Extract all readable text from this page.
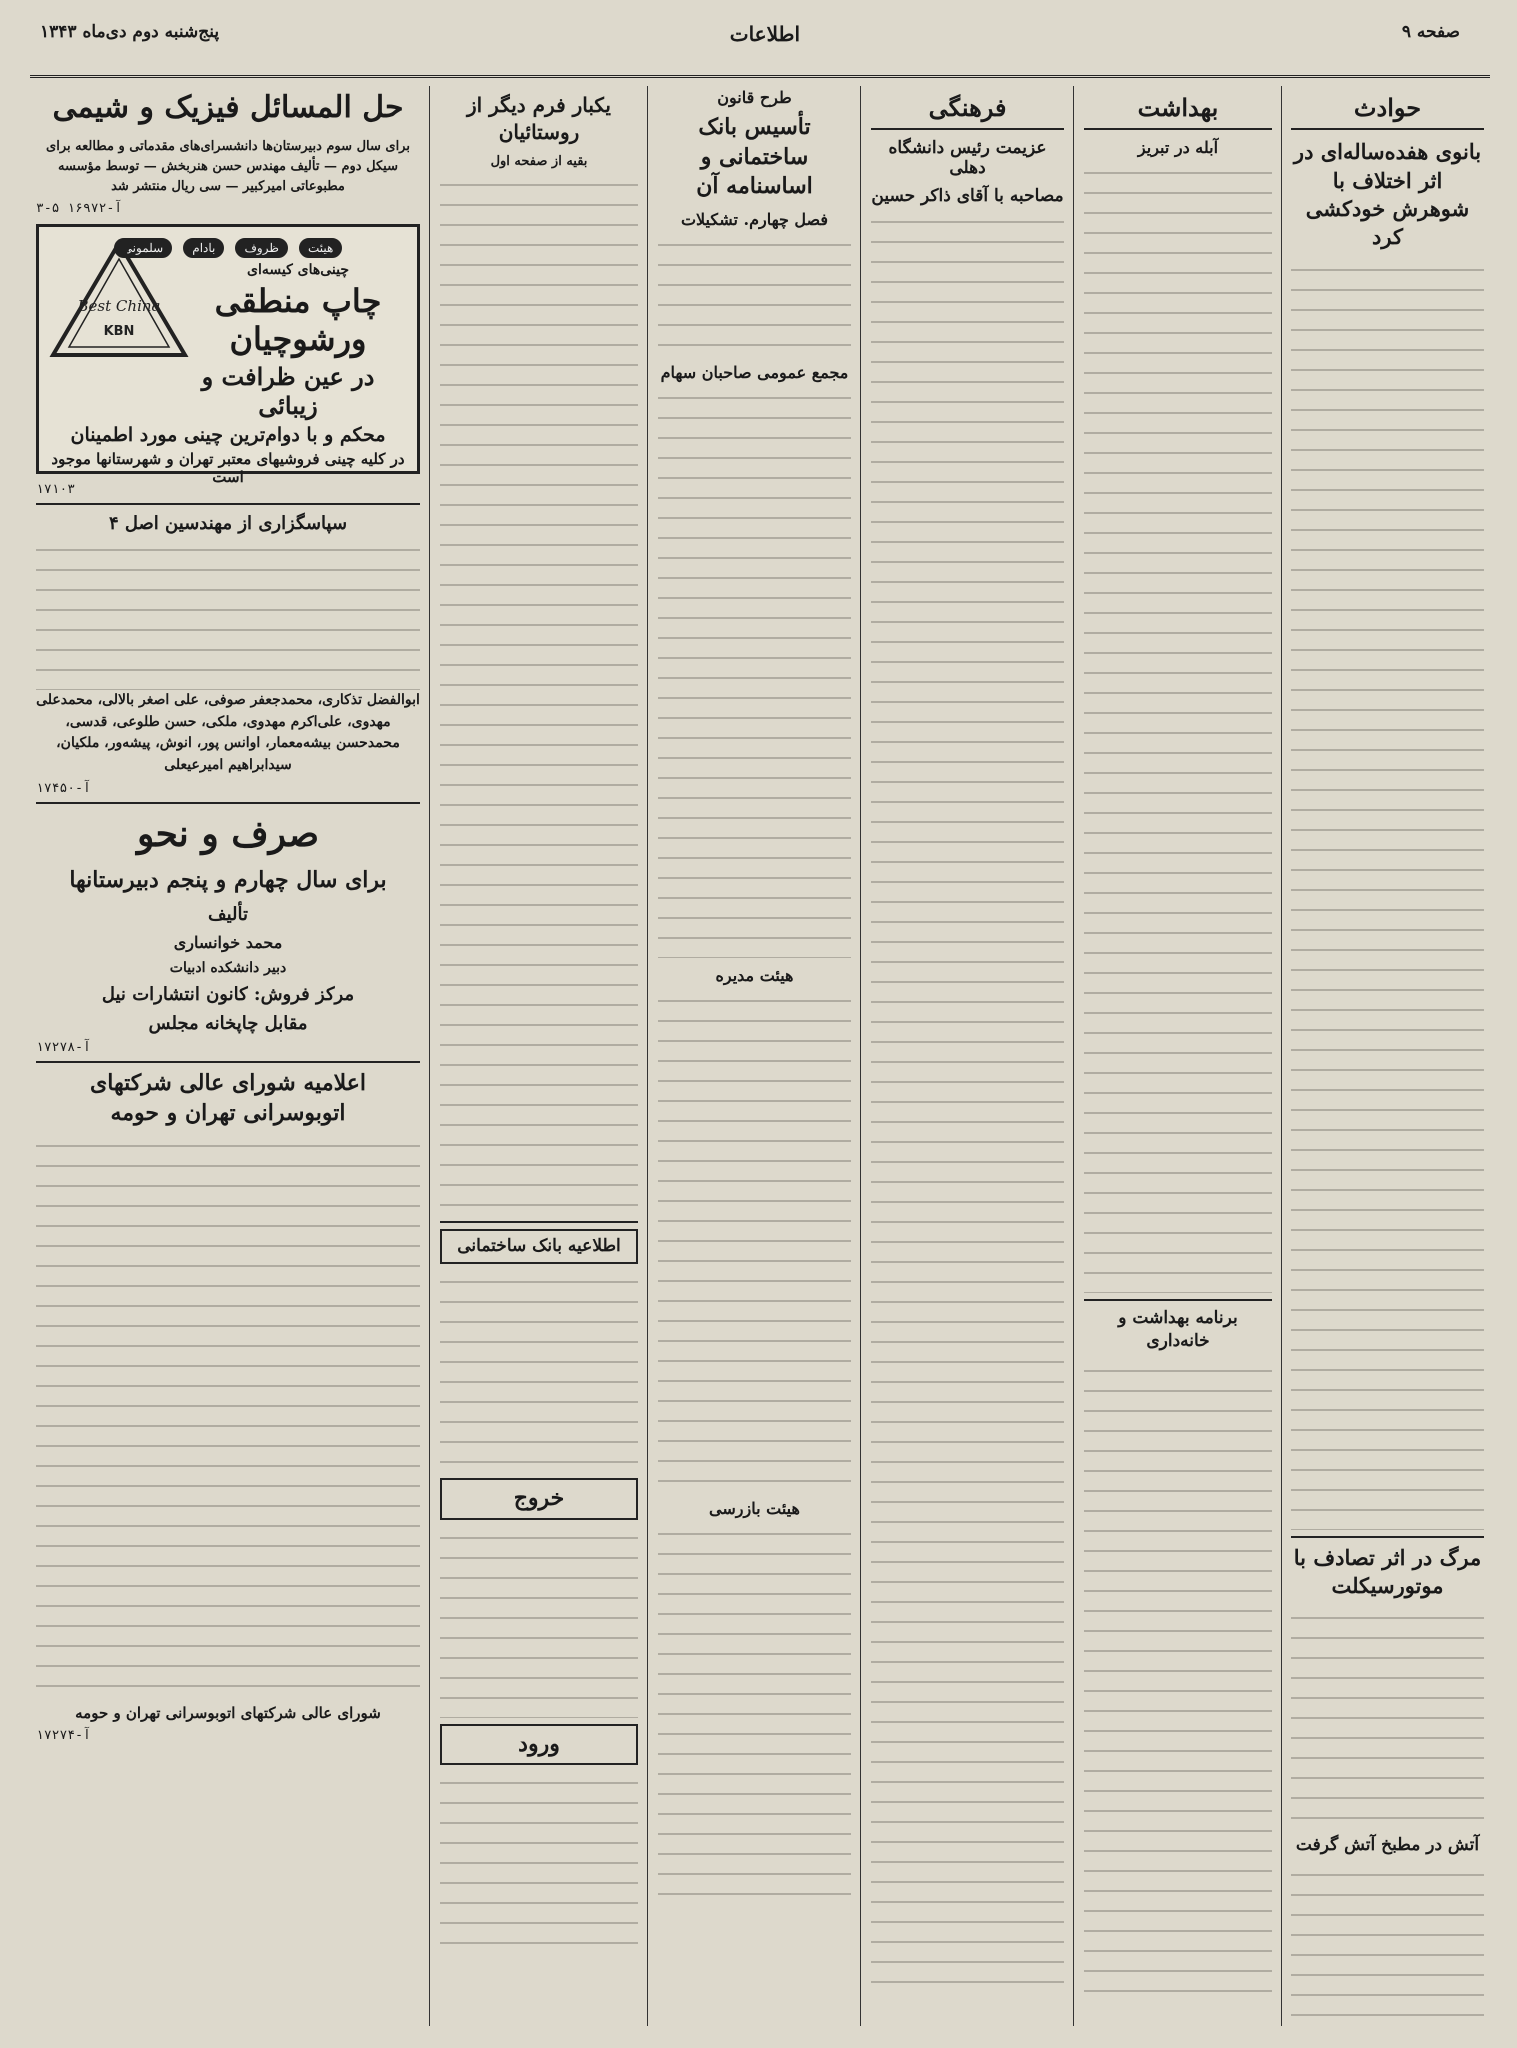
صفحه ۹
اطلاعات
پنج‌شنبه دوم دی‌ماه ۱۳۴۳
حوادث
بانوی هفده‌ساله‌ای در اثر اختلاف با شوهرش خودکشی کرد
مرگ در اثر تصادف با موتورسیکلت
آتش در مطبخ آتش گرفت
بهداشت
آبله در تبریز
برنامه بهداشت و خانه‌داری
فرهنگی
عزیمت رئیس دانشگاه دهلی
مصاحبه با آقای ذاکر حسین
طرح قانون
تأسیس بانک ساختمانی و اساسنامه آن
فصل چهارم. تشکیلات
مجمع عمومی صاحبان سهام
هیئت مدیره
هیئت بازرسی
یکبار فرم دیگر از روستائیان
بقیه از صفحه اول
اطلاعیه بانک ساختمانی
خروج
ورود
حل المسائل فیزیک و شیمی
برای سال سوم دبیرستان‌ها دانشسرای‌های مقدماتی و مطالعه برای سیکل دوم — تألیف مهندس حسن هنربخش — توسط مؤسسه مطبوعاتی امیرکبیر — سی ریال منتشر شد
۳-۵ ۱۶۹۷۲-آ
هیئت ظروف بادام سلمونی
چینی‌های کیسه‌ای
چاپ منطقی ورشوچیان
در عین ظرافت و زیبائی
محکم و با دوام‌ترین چینی مورد اطمینان
در کلیه چینی فروشیهای معتبر تهران و شهرستانها موجود است
Best China
KBN
۱۷۱۰۳
سپاسگزاری از مهندسین اصل ۴
ابوالفضل تذکاری، محمدجعفر صوفی، علی اصغر بالالی، محمدعلی مهدوی، علی‌اکرم مهدوی، ملکی، حسن طلوعی، قدسی، محمدحسن بیشه‌معمار، اوانس پور، انوش، پیشه‌ور، ملکیان، سیدابراهیم امیرعیعلی
آ-۱۷۴۵۰
صرف و نحو
برای سال چهارم و پنجم دبیرستانها
تألیف
محمد خوانساری
دبیر دانشکده ادبیات
مرکز فروش: کانون انتشارات نیل
مقابل چاپخانه مجلس
آ-۱۷۲۷۸
اعلامیه شورای عالی شرکتهای اتوبوسرانی تهران و حومه
شورای عالی شرکتهای اتوبوسرانی تهران و حومه
آ-۱۷۲۷۴
